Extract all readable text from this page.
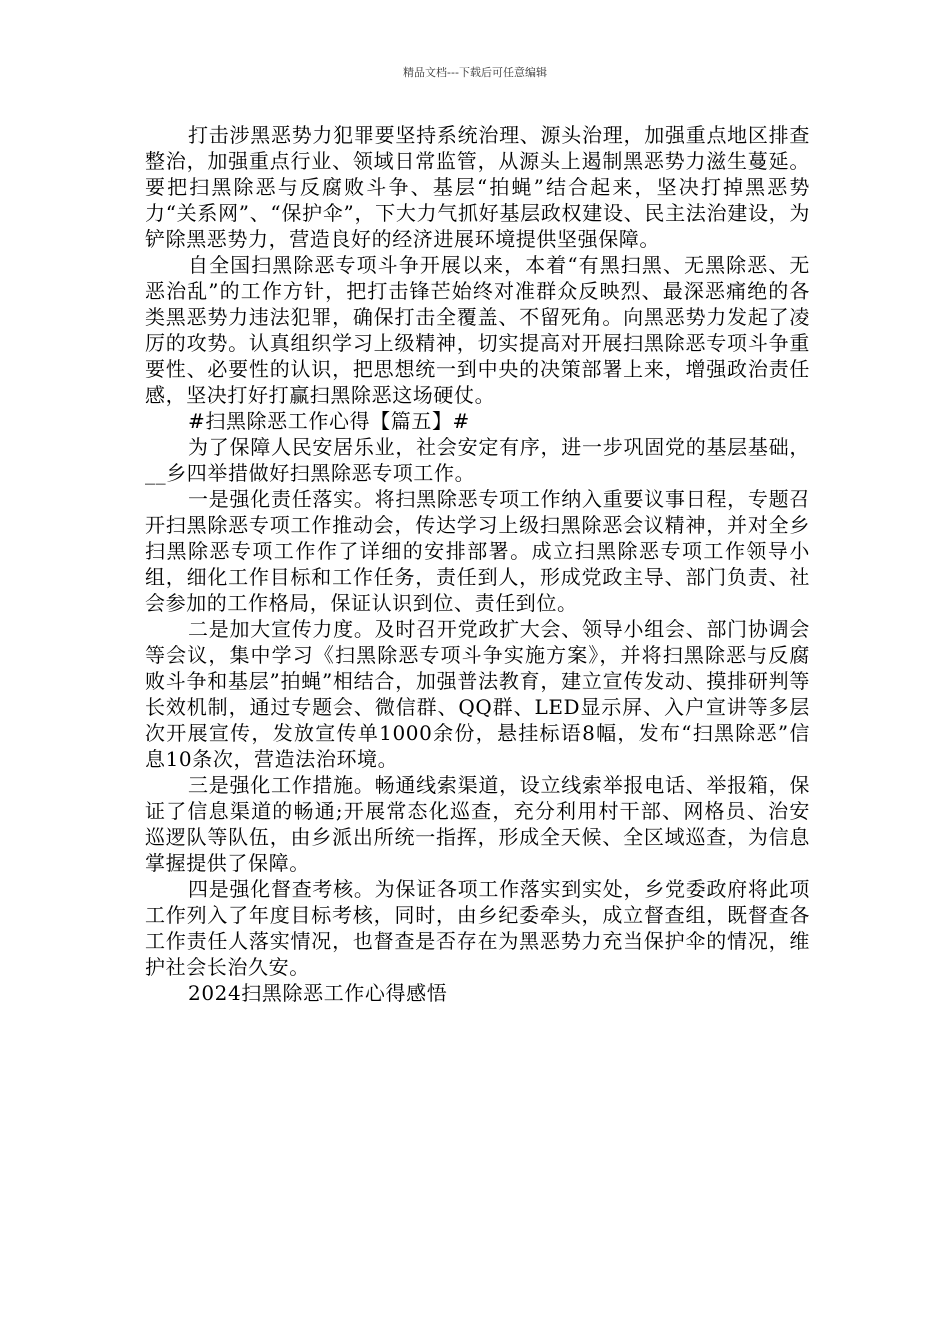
精品文档---下载后可任意编辑

打击涉黑恶势力犯罪要坚持系统治理、源头治理，加强重点地区排查整治，加强重点行业、领域日常监管，从源头上遏制黑恶势力滋生蔓延。要把扫黑除恶与反腐败斗争、基层“拍蝇”结合起来，坚决打掉黑恶势力“关系网”、“保护伞”，下大力气抓好基层政权建设、民主法治建设，为铲除黑恶势力，营造良好的经济进展环境提供坚强保障。

自全国扫黑除恶专项斗争开展以来，本着“有黑扫黑、无黑除恶、无恶治乱”的工作方针，把打击锋芒始终对准群众反映烈、最深恶痛绝的各类黑恶势力违法犯罪，确保打击全覆盖、不留死角。向黑恶势力发起了凌厉的攻势。认真组织学习上级精神，切实提高对开展扫黑除恶专项斗争重要性、必要性的认识，把思想统一到中央的决策部署上来，增强政治责任感，坚决打好打赢扫黑除恶这场硬仗。

#扫黑除恶工作心得【篇五】#

为了保障人民安居乐业，社会安定有序，进一步巩固党的基层基础，__乡四举措做好扫黑除恶专项工作。

一是强化责任落实。将扫黑除恶专项工作纳入重要议事日程，专题召开扫黑除恶专项工作推动会，传达学习上级扫黑除恶会议精神，并对全乡扫黑除恶专项工作作了详细的安排部署。成立扫黑除恶专项工作领导小组，细化工作目标和工作任务，责任到人，形成党政主导、部门负责、社会参加的工作格局，保证认识到位、责任到位。

二是加大宣传力度。及时召开党政扩大会、领导小组会、部门协调会等会议，集中学习《扫黑除恶专项斗争实施方案》，并将扫黑除恶与反腐败斗争和基层”拍蝇”相结合，加强普法教育，建立宣传发动、摸排研判等长效机制，通过专题会、微信群、QQ群、LED显示屏、入户宣讲等多层次开展宣传，发放宣传单1000余份，悬挂标语8幅，发布“扫黑除恶”信息10条次，营造法治环境。

三是强化工作措施。畅通线索渠道，设立线索举报电话、举报箱，保证了信息渠道的畅通;开展常态化巡查，充分利用村干部、网格员、治安巡逻队等队伍，由乡派出所统一指挥，形成全天候、全区域巡查，为信息掌握提供了保障。

四是强化督查考核。为保证各项工作落实到实处，乡党委政府将此项工作列入了年度目标考核，同时，由乡纪委牵头，成立督查组，既督查各工作责任人落实情况，也督查是否存在为黑恶势力充当保护伞的情况，维护社会长治久安。

2024扫黑除恶工作心得感悟
